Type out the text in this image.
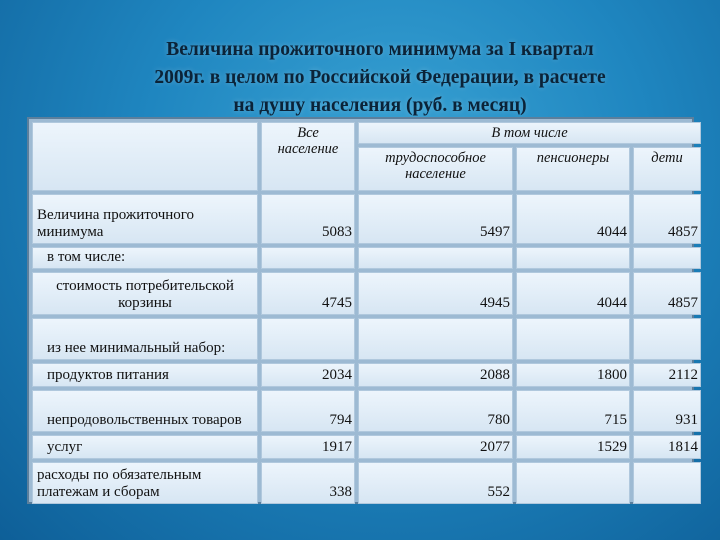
Величина прожиточного минимума за I квартал
2009г. в целом по Российской Федерации, в расчете
на душу населения (руб. в месяц)
	Все население	В том числе		
		трудоспособное население	пенсионеры	дети
Величина прожиточного минимума	5083	5497	4044	4857
в том числе:				
стоимость потребительской корзины	4745	4945	4044	4857
из нее минимальный набор:				
продуктов питания	2034	2088	1800	2112
непродовольственных товаров	794	780	715	931
услуг	1917	2077	1529	1814
расходы по обязательным платежам и сборам	338	552		
